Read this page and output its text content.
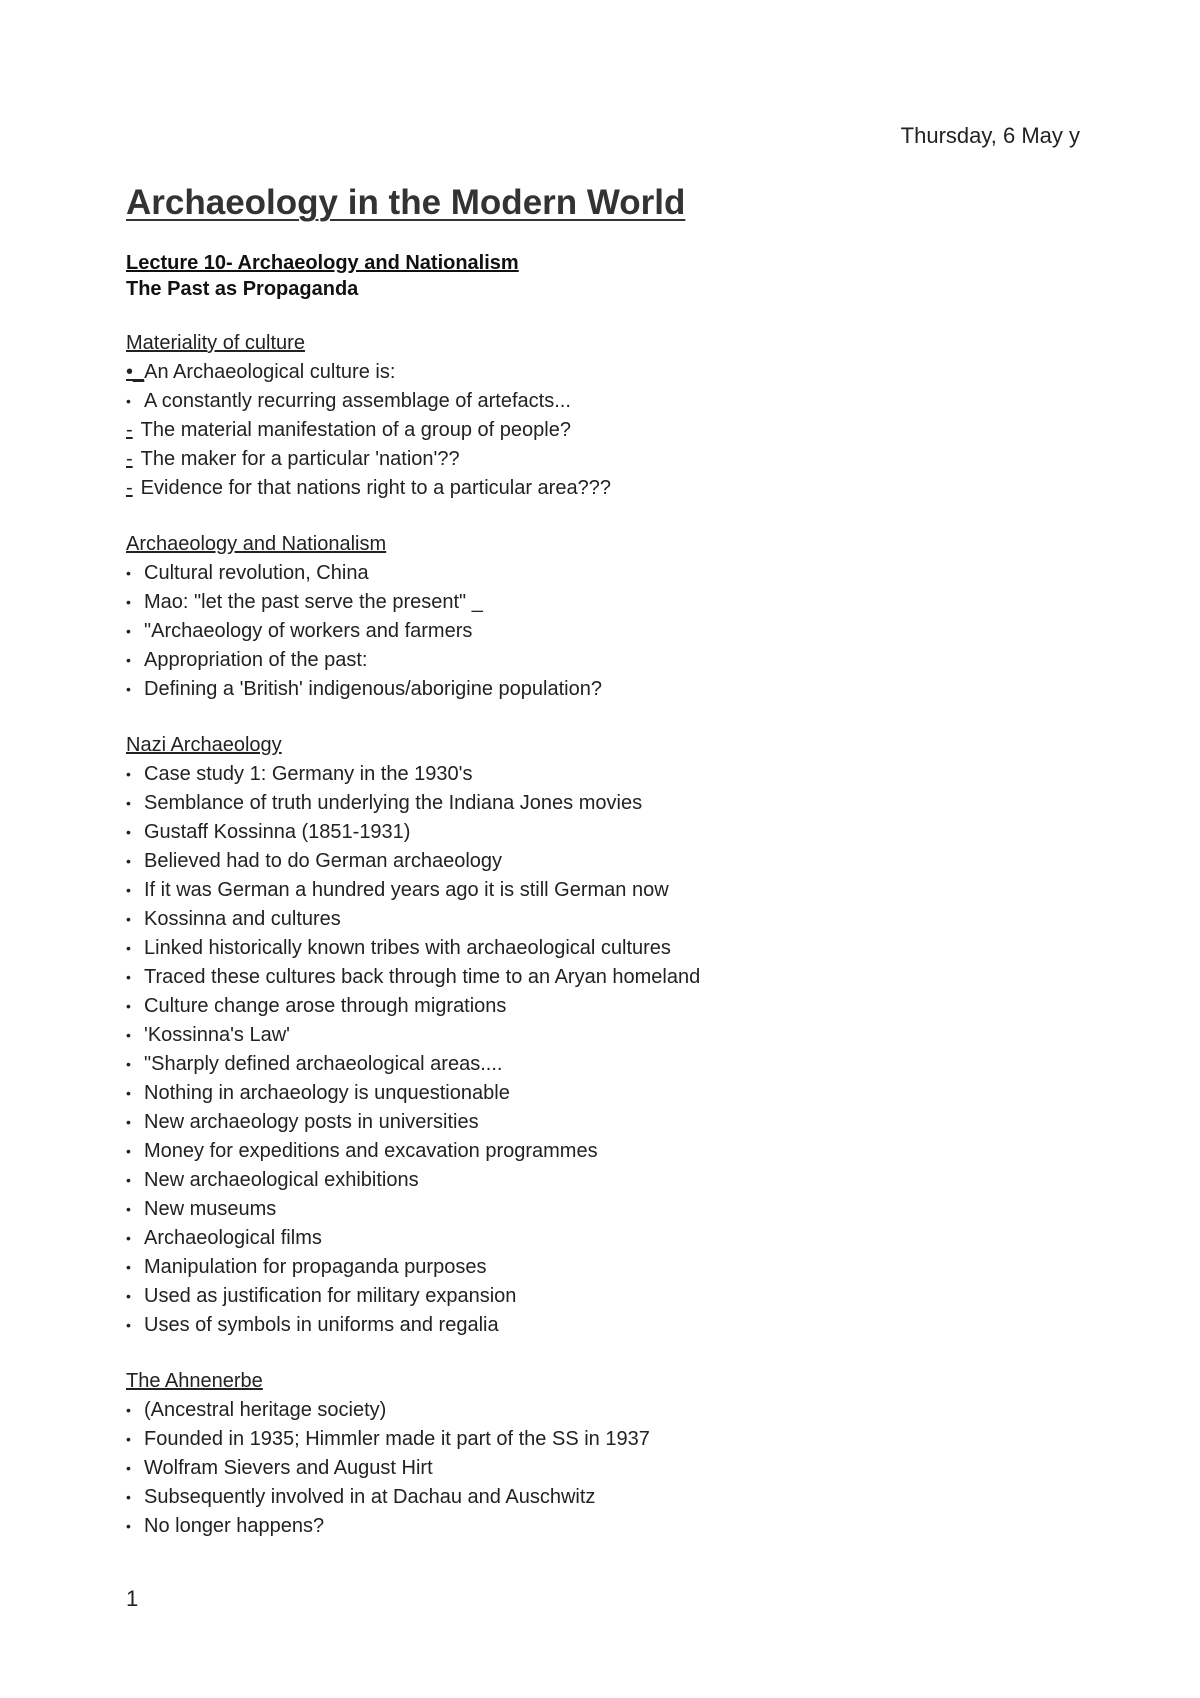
Thursday, 6 May y
Archaeology in the Modern World

Lecture 10- Archaeology and Nationalism

The Past as Propaganda

Materiality of culture
•_An Archaeological culture is:
• A constantly recurring assemblage of artefacts...
- The material manifestation of a group of people?
- The maker for a particular 'nation'??
- Evidence for that nations right to a particular area???
Archaeology and Nationalism
• Cultural revolution, China
• Mao: "let the past serve the present" _
• "Archaeology of workers and farmers
• Appropriation of the past:
• Defining a 'British' indigenous/aborigine population?
Nazi Archaeology
• Case study 1: Germany in the 1930's
• Semblance of truth underlying the Indiana Jones movies
• Gustaff Kossinna (1851-1931)
• Believed had to do German archaeology
• If it was German a hundred years ago it is still German now
• Kossinna and cultures
• Linked historically known tribes with archaeological cultures
• Traced these cultures back through time to an Aryan homeland
• Culture change arose through migrations
• 'Kossinna's Law'
• "Sharply defined archaeological areas....
• Nothing in archaeology is unquestionable
• New archaeology posts in universities
• Money for expeditions and excavation programmes
• New archaeological exhibitions
• New museums
• Archaeological films
• Manipulation for propaganda purposes
• Used as justification for military expansion
• Uses of symbols in uniforms and regalia
The Ahnenerbe
• (Ancestral heritage society)
• Founded in 1935; Himmler made it part of the SS in 1937
• Wolfram Sievers and August Hirt
• Subsequently involved in at Dachau and Auschwitz
• No longer happens?
1
